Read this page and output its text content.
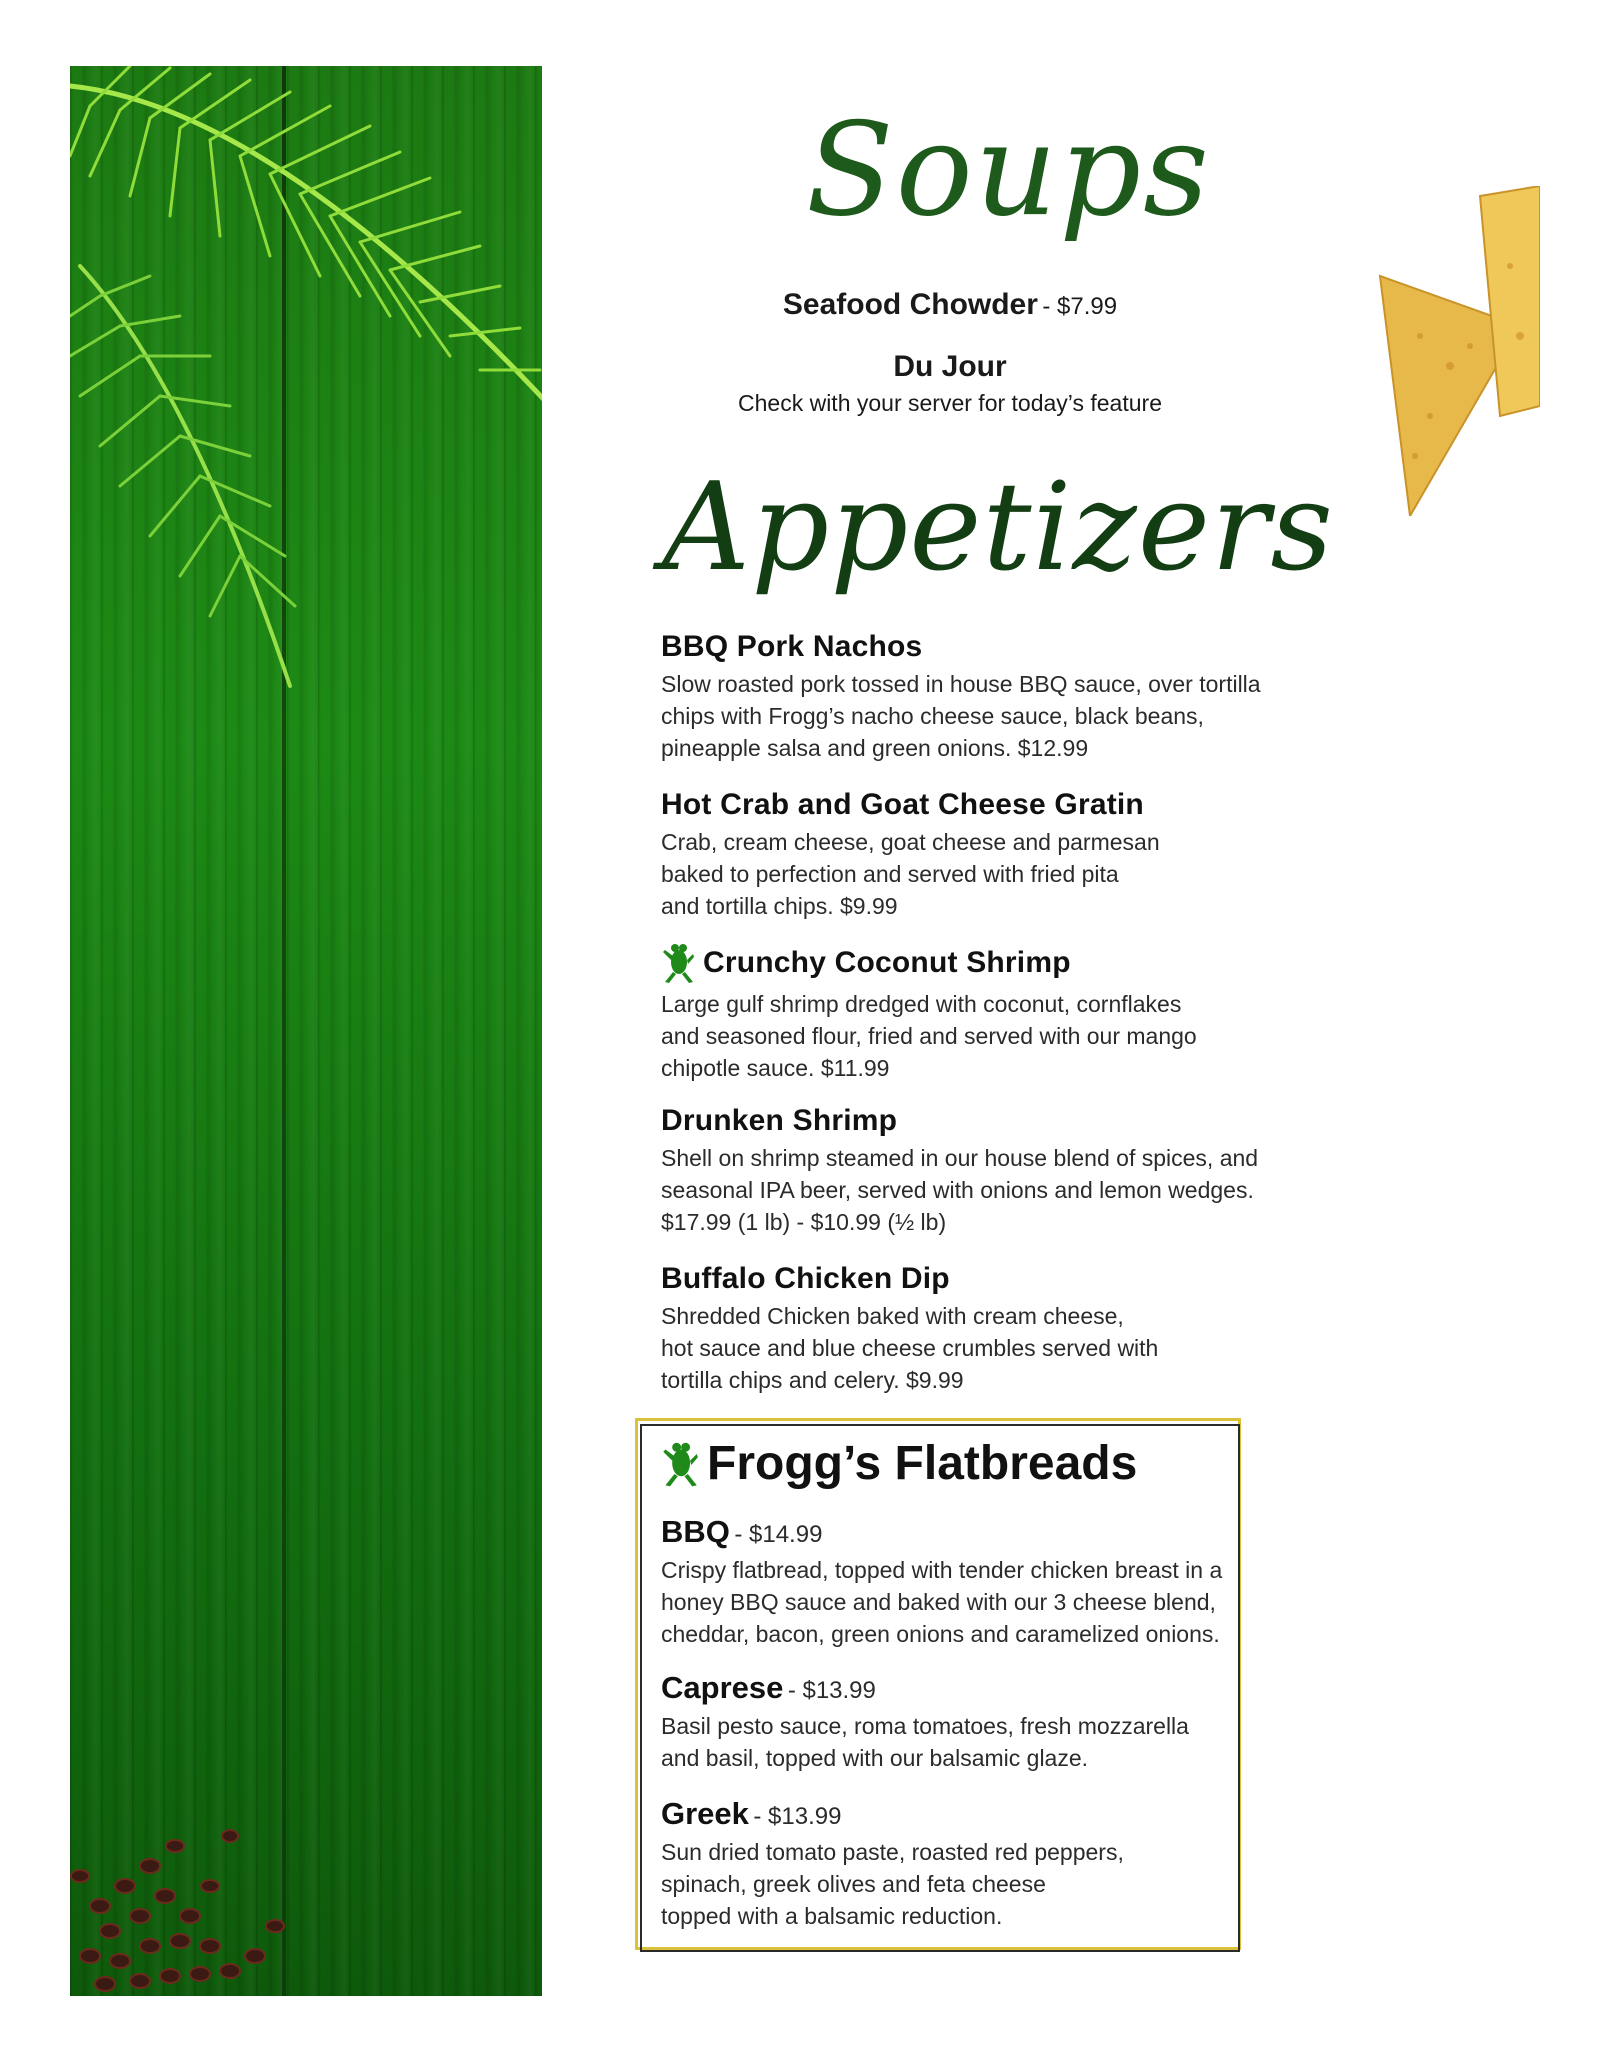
Soups
Seafood Chowder - $7.99
Du Jour
Check with your server for today’s feature
Appetizers

BBQ Pork Nachos

Slow roasted pork tossed in house BBQ sauce, over tortilla
chips with Frogg’s nacho cheese sauce, black beans,
pineapple salsa and green onions. $12.99

Hot Crab and Goat Cheese Gratin

Crab, cream cheese, goat cheese and parmesan
baked to perfection and served with fried pita
and tortilla chips. $9.99

Crunchy Coconut Shrimp

Large gulf shrimp dredged with coconut, cornflakes
and seasoned flour, fried and served with our mango
chipotle sauce. $11.99

Drunken Shrimp

Shell on shrimp steamed in our house blend of spices, and
seasonal IPA beer, served with onions and lemon wedges.
$17.99 (1 lb) - $10.99 (½ lb)

Buffalo Chicken Dip

Shredded Chicken baked with cream cheese,
hot sauce and blue cheese crumbles served with
tortilla chips and celery. $9.99

Frogg’s Flatbreads

BBQ - $14.99

Crispy flatbread, topped with tender chicken breast in a
honey BBQ sauce and baked with our 3 cheese blend,
cheddar, bacon, green onions and caramelized onions.

Caprese - $13.99

Basil pesto sauce, roma tomatoes, fresh mozzarella
and basil, topped with our balsamic glaze.

Greek - $13.99

Sun dried tomato paste, roasted red peppers,
spinach, greek olives and feta cheese
topped with a balsamic reduction.
